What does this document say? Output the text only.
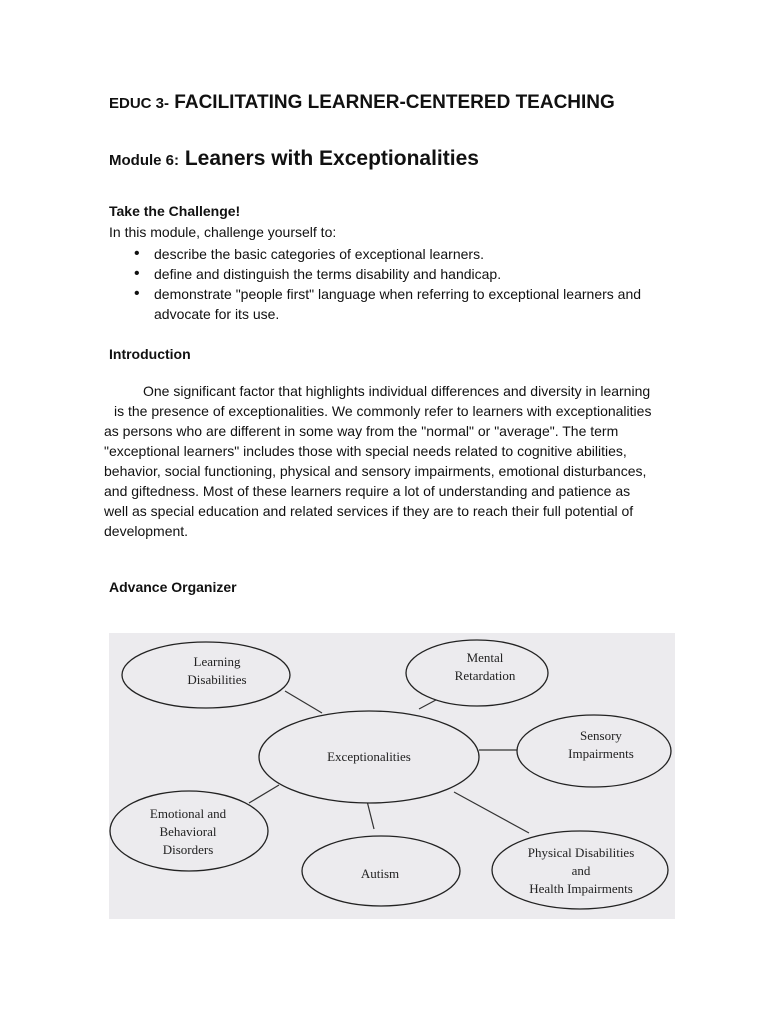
EDUC 3- FACILITATING LEARNER-CENTERED TEACHING
Module 6: Leaners with Exceptionalities
Take the Challenge!
In this module, challenge yourself to:
• describe the basic categories of exceptional learners.
• define and distinguish the terms disability and handicap.
• demonstrate "people first" language when referring to exceptional learners and advocate for its use.
Introduction
One significant factor that highlights individual differences and diversity in learning
is the presence of exceptionalities. We commonly refer to learners with exceptionalities
as persons who are different in some way from the "normal" or "average". The term
"exceptional learners" includes those with special needs related to cognitive abilities,
behavior, social functioning, physical and sensory impairments, emotional disturbances,
and giftedness. Most of these learners require a lot of understanding and patience as
well as special education and related services if they are to reach their full potential of
development.
Advance Organizer
Exceptionalities
Learning
Disabilities
Mental
Retardation
Sensory
Impairments
Emotional and
Behavioral
Disorders
Autism
Physical Disabilities
and
Health Impairments
